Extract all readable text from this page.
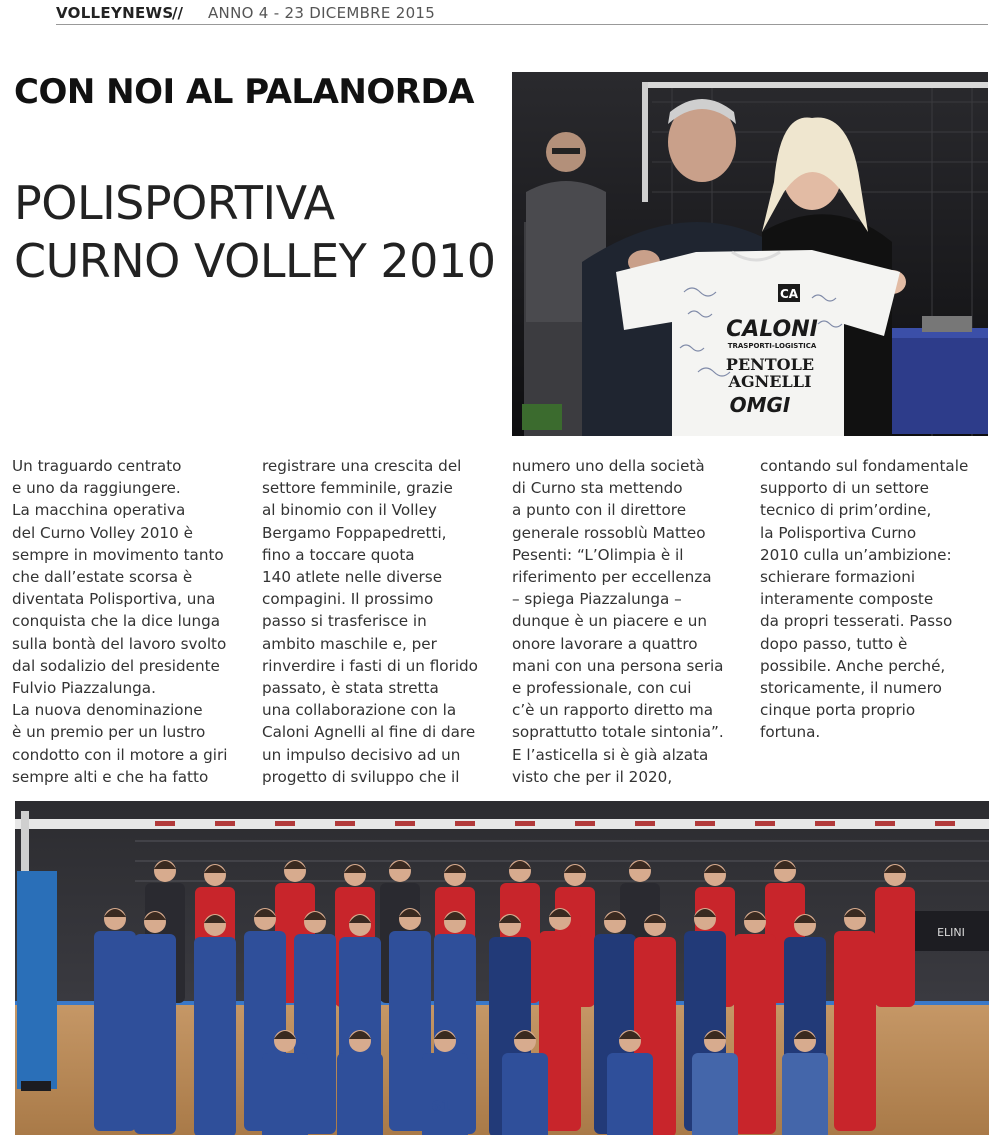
VOLLEYNEWS
// ANNO 4 - 23 DICEMBRE 2015
CON NOI AL PALANORDA
POLISPORTIVA
CURNO VOLLEY 2010
CA
CALONI
TRASPORTI-LOGISTICA
PENTOLE
AGNELLI
OMGI
Un traguardo centrato
e uno da raggiungere.
La macchina operativa
del Curno Volley 2010 è
sempre in movimento tanto
che dall’estate scorsa è
diventata Polisportiva, una
conquista che la dice lunga
sulla bontà del lavoro svolto
dal sodalizio del presidente
Fulvio Piazzalunga.
La nuova denominazione
è un premio per un lustro
condotto con il motore a giri
sempre alti e che ha fatto
registrare una crescita del
settore femminile, grazie
al binomio con il Volley
Bergamo Foppapedretti,
fino a toccare quota
140 atlete nelle diverse
compagini. Il prossimo
passo si trasferisce in
ambito maschile e, per
rinverdire i fasti di un florido
passato, è stata stretta
una collaborazione con la
Caloni Agnelli al fine di dare
un impulso decisivo ad un
progetto di sviluppo che il
numero uno della società
di Curno sta mettendo
a punto con il direttore
generale rossoblù Matteo
Pesenti: “L’Olimpia è il
riferimento per eccellenza
– spiega Piazzalunga –
dunque è un piacere e un
onore lavorare a quattro
mani con una persona seria
e professionale, con cui
c’è un rapporto diretto ma
soprattutto totale sintonia”.
E l’asticella si è già alzata
visto che per il 2020,
contando sul fondamentale
supporto di un settore
tecnico di prim’ordine,
la Polisportiva Curno
2010 culla un’ambizione:
schierare formazioni
interamente composte
da propri tesserati. Passo
dopo passo, tutto è
possibile. Anche perché,
storicamente, il numero
cinque porta proprio
fortuna.
ELINI
61
